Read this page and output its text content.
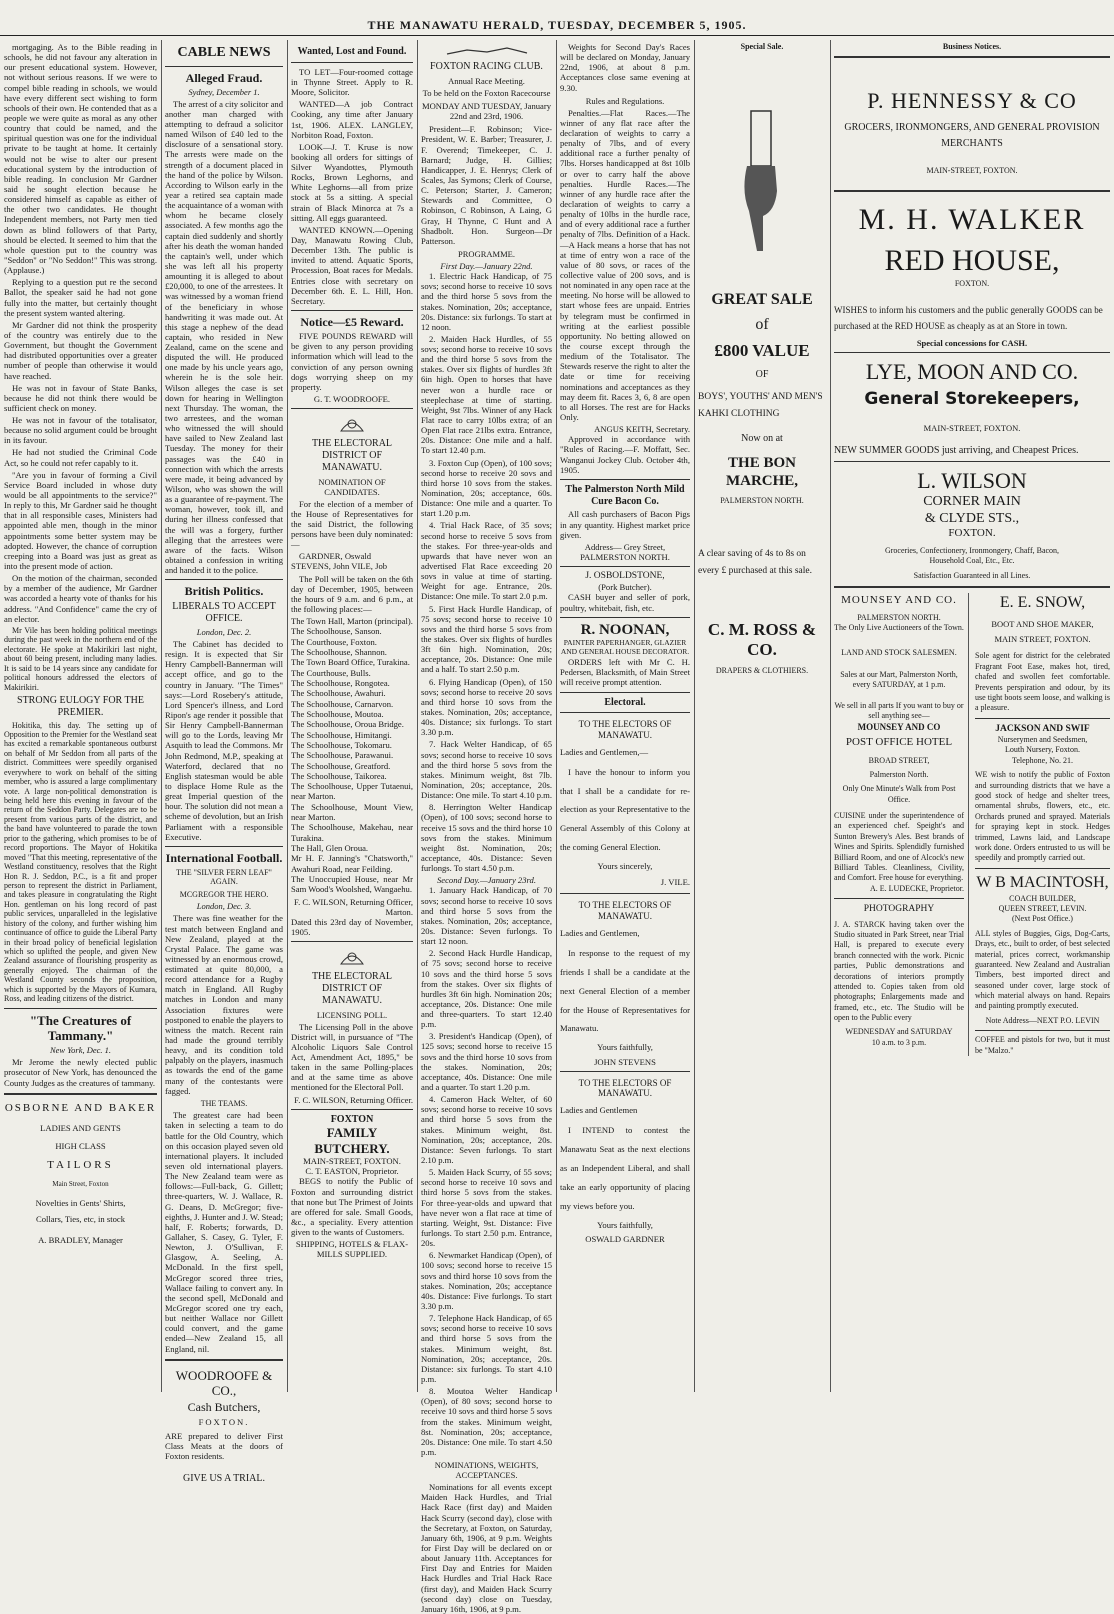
THE MANAWATU HERALD, TUESDAY, DECEMBER 5, 1905.

mortgaging. As to the Bible reading in schools, he did not favour any alteration in our present educational system. However, not without serious reasons. If we were to compel bible reading in schools, we would have every different sect wishing to form schools of their own. He contended that as a people we were quite as moral as any other country that could be named, and the spiritual question was one for the individual private to be taught at home. It certainly would not be wise to alter our present educational system by the introduction of bible reading. In conclusion Mr Gardner said he sought election because he considered himself as capable as either of the other two candidates. He thought Independent members, not Party men tied down as blind followers of that Party, should be elected. It seemed to him that the whole question put to the country was "Seddon" or "No Seddon!" This was strong. (Applause.)

Replying to a question put re the second Ballot, the speaker said he had not gone fully into the matter, but certainly thought the present system wanted altering.

Mr Gardner did not think the prosperity of the country was entirely due to the Government, but thought the Government had distributed opportunities over a greater number of people than otherwise it would have reached.

He was not in favour of State Banks, because he did not think there would be sufficient check on money.

He was not in favour of the totalisator, because no solid argument could be brought in its favour.

He had not studied the Criminal Code Act, so he could not refer capably to it.

"Are you in favour of forming a Civil Service Board included in whose duty would be all appointments to the service?" In reply to this, Mr Gardner said he thought that in all responsible cases, Ministers had appointed able men, though in the minor appointments some better system may be adopted. However, the chance of corruption creeping into a Board was just as great as into the present mode of action.

On the motion of the chairman, seconded by a member of the audience, Mr Gardner was accorded a hearty vote of thanks for his address. "And Confidence" came the cry of an elector.

Mr Vile has been holding political meetings during the past week in the northern end of the electorate. He spoke at Makirikiri last night, about 60 being present, including many ladies. It is said to be 14 years since any candidate for political honours addressed the electors of Makirikiri.

STRONG EULOGY FOR THE PREMIER.

Hokitika, this day. The setting up of Opposition to the Premier for the Westland seat has excited a remarkable spontaneous outburst on behalf of Mr Seddon from all parts of the district. Committees were speedily organised everywhere to work on behalf of the sitting member, who is assured a large complimentary vote. A large non-political demonstration is being held here this evening in favour of the return of the Seddon Party. Delegates are to be present from various parts of the district, and the band have volunteered to parade the town prior to the gathering, which promises to be of record proportions. The Mayor of Hokitika moved "That this meeting, representative of the Westland constituency, resolves that the Right Hon R. J. Seddon, P.C., is a fit and proper person to represent the district in Parliament, and takes pleasure in congratulating the Right Hon. gentleman on his long record of past public services, unparalleled in the legislative history of the colony, and further wishing him continuance of office to guide the Liberal Party in their broad policy of beneficial legislation which so uplifted the people, and given New Zealand assurance of flourishing prosperity as generally enjoyed. The chairman of the Westland County seconds the proposition, which is supported by the Mayors of Kumara, Ross, and leading citizens of the district.

"The Creatures of Tammany."
New York, Dec. 1.

Mr Jerome the newly elected public prosecutor of New York, has denounced the County Judges as the creatures of tammany.

OSBORNE AND BAKER
LADIES AND GENTS
HIGH CLASS
TAILORS
Main Street, Foxton
Novelties in Gents' Shirts,
Collars, Ties, etc, in stock
A. BRADLEY, Manager
CABLE NEWS
Alleged Fraud.
Sydney, December 1.

The arrest of a city solicitor and another man charged with attempting to defraud a solicitor named Wilson of £40 led to the disclosure of a sensational story. The arrests were made on the strength of a document placed in the hand of the police by Wilson. According to Wilson early in the year a retired sea captain made the acquaintance of a woman with whom he became closely associated. A few months ago the captain died suddenly and shortly after his death the woman handed the captain's well, under which she was left all his property amounting it is alleged to about £20,000, to one of the arrestees. It was witnessed by a woman friend of the beneficiary in whose handwriting it was made out. At this stage a nephew of the dead captain, who resided in New Zealand, came on the scene and disputed the will. He produced one made by his uncle years ago, wherein he is the sole heir. Wilson alleges the case is set down for hearing in Wellington next Thursday. The woman, the two arrestees, and the woman who witnessed the will should have sailed to New Zealand last Tuesday. The money for their passages was the £40 in connection with which the arrests were made, it being advanced by Wilson, who was shown the will as a guarantee of re-payment. The woman, however, took ill, and during her illness confessed that the will was a forgery, further alleging that the arrestees were aware of the facts. Wilson obtained a confession in writing and handed it to the police.

British Politics.
LIBERALS TO ACCEPT OFFICE.
London, Dec. 2.

The Cabinet has decided to resign. It is expected that Sir Henry Campbell-Bannerman will accept office, and go to the country in January. "The Times" says:—Lord Rosebery's attitude, Lord Spencer's illness, and Lord Ripon's age render it possible that Sir Henry Campbell-Bannerman will go to the Lords, leaving Mr Asquith to lead the Commons. Mr John Redmond, M.P., speaking at Waterford, declared that no English statesman would be able to displace Home Rule as the great Imperial question of the hour. The solution did not mean a scheme of devolution, but an Irish Parliament with a responsible Executive.

International Football.
THE "SILVER FERN LEAF" AGAIN.
MCGREGOR THE HERO.
London, Dec. 3.

There was fine weather for the test match between England and New Zealand, played at the Crystal Palace. The game was witnessed by an enormous crowd, estimated at quite 80,000, a record attendance for a Rugby match in England. All Rugby matches in London and many Association fixtures were postponed to enable the players to witness the match. Recent rain had made the ground terribly heavy, and its condition told palpably on the players, inasmuch as towards the end of the game many of the contestants were fagged.

THE TEAMS.

The greatest care had been taken in selecting a team to do battle for the Old Country, which on this occasion played seven old international players. It included seven old international players. The New Zealand team were as follows:—Full-back, G. Gillett; three-quarters, W. J. Wallace, R. G. Deans, D. McGregor; five-eighths, J. Hunter and J. W. Stead; half, F. Roberts; forwards, D. Gallaher, S. Casey, G. Tyler, F. Newton, J. O'Sullivan, F. Glasgow, A. Seeling, A. McDonald. In the first spell, McGregor scored three tries, Wallace failing to convert any. In the second spell, McDonald and McGregor scored one try each, but neither Wallace nor Gillett could convert, and the game ended—New Zealand 15, all England, nil.

WOODROOFE & CO.,
Cash Butchers,
FOXTON.
ARE prepared to deliver First Class Meats at the doors of Foxton residents.
GIVE US A TRIAL.
Wanted, Lost and Found.

TO LET—Four-roomed cottage in Thynne Street. Apply to R. Moore, Solicitor.

WANTED—A job Contract Cooking, any time after January 1st, 1906. ALEX. LANGLEY, Norbiton Road, Foxton.

LOOK—J. T. Kruse is now booking all orders for sittings of Silver Wyandottes, Plymouth Rocks, Brown Leghorns, and White Leghorns—all from prize stock at 5s a sitting. A special strain of Black Minorca at 7s a sitting. All eggs guaranteed.

WANTED KNOWN.—Opening Day, Manawatu Rowing Club, December 13th. The public is invited to attend. Aquatic Sports, Procession, Boat races for Medals. Entries close with secretary on December 6th. E. L. Hill, Hon. Secretary.

Notice—£5 Reward.

FIVE POUNDS REWARD will be given to any person providing information which will lead to the conviction of any person owning dogs worrying sheep on my property.

G. T. WOODROOFE.
THE ELECTORAL DISTRICT OF MANAWATU.
NOMINATION OF CANDIDATES.

For the election of a member of the House of Representatives for the said District, the following persons have been duly nominated:—

GARDNER, Oswald STEVENS, John VILE, Job

The Poll will be taken on the 6th day of December, 1905, between the hours of 9 a.m. and 6 p.m., at the following places:—

The Town Hall, Marton (principal).
The Schoolhouse, Sanson.
The Courthouse, Foxton.
The Schoolhouse, Shannon.
The Town Board Office, Turakina.
The Courthouse, Bulls.
The Schoolhouse, Rongotea.
The Schoolhouse, Awahuri.
The Schoolhouse, Carnarvon.
The Schoolhouse, Moutoa.
The Schoolhouse, Oroua Bridge.
The Schoolhouse, Himitangi.
The Schoolhouse, Tokomaru.
The Schoolhouse, Parawanui.
The Schoolhouse, Greatford.
The Schoolhouse, Taikorea.
The Schoolhouse, Upper Tutaenui, near Marton.
The Schoolhouse, Mount View, near Marton.
The Schoolhouse, Makehau, near Turakina.
The Hall, Glen Oroua.
Mr H. F. Janning's "Chatsworth," Awahuri Road, near Feilding.
The Unoccupied House, near Mr Sam Wood's Woolshed, Wangaehu.
F. C. WILSON, Returning Officer, Marton.
Dated this 23rd day of November, 1905.
THE ELECTORAL DISTRICT OF MANAWATU.
LICENSING POLL.

The Licensing Poll in the above District will, in pursuance of "The Alcoholic Liquors Sale Control Act, Amendment Act, 1895," be taken in the same Polling-places and at the same time as above mentioned for the Electoral Poll.

F. C. WILSON, Returning Officer.
FOXTON
FAMILY BUTCHERY.
MAIN-STREET, FOXTON.
C. T. EASTON, Proprietor.

BEGS to notify the Public of Foxton and surrounding district that none but The Primest of Joints are offered for sale. Small Goods, &c., a speciality. Every attention given to the wants of Customers.

SHIPPING, HOTELS & FLAX-MILLS SUPPLIED.
FOXTON RACING CLUB.
Annual Race Meeting.
To be held on the Foxton Racecourse
MONDAY AND TUESDAY, January 22nd and 23rd, 1906.

President—F. Robinson; Vice-President, W. E. Barber; Treasurer, J. F. Overend; Timekeeper, C. J. Barnard; Judge, H. Gillies; Handicapper, J. E. Henrys; Clerk of Scales, Jas Symons; Clerk of Course, C. Peterson; Starter, J. Cameron; Stewards and Committee, O Robinson, C Robinson, A Laing, G Gray, H Thynne, C Hunt and A Shadbolt. Hon. Surgeon—Dr Patterson.

PROGRAMME.
First Day.—January 22nd.

1. Electric Hack Handicap, of 75 sovs; second horse to receive 10 sovs and the third horse 5 sovs from the stakes. Nomination, 20s; acceptance, 20s. Distance: six furlongs. To start at 12 noon.

2. Maiden Hack Hurdles, of 55 sovs; second horse to receive 10 sovs and the third horse 5 sovs from the stakes. Over six flights of hurdles 3ft 6in high. Open to horses that have never won a hurdle race or steeplechase at time of starting. Weight, 9st 7lbs. Winner of any Hack Flat race to carry 10lbs extra; of an Open Flat race 21lbs extra. Entrance, 20s. Distance: One mile and a half. To start 12.40 p.m.

3. Foxton Cup (Open), of 100 sovs; second horse to receive 20 sovs and third horse 10 sovs from the stakes. Nomination, 20s; acceptance, 60s. Distance: One mile and a quarter. To start 1.20 p.m.

4. Trial Hack Race, of 35 sovs; second horse to receive 5 sovs from the stakes. For three-year-olds and upwards that have never won an advertised Flat Race exceeding 20 sovs in value at time of starting. Weight for age. Entrance, 20s. Distance: One mile. To start 2.0 p.m.

5. First Hack Hurdle Handicap, of 75 sovs; second horse to receive 10 sovs and the third horse 5 sovs from the stakes. Over six flights of hurdles 3ft 6in high. Nomination, 20s; acceptance, 20s. Distance: One mile and a half. To start 2.50 p.m.

6. Flying Handicap (Open), of 150 sovs; second horse to receive 20 sovs and third horse 10 sovs from the stakes. Nomination, 20s; acceptance, 40s. Distance; six furlongs. To start 3.30 p.m.

7. Hack Welter Handicap, of 65 sovs; second horse to receive 10 sovs and the third horse 5 sovs from the stakes. Minimum weight, 8st 7lb. Nomination, 20s; acceptance, 20s. Distance: One mile. To start 4.10 p.m.

8. Herrington Welter Handicap (Open), of 100 sovs; second horse to receive 15 sovs and the third horse 10 sovs from the stakes. Minimum weight 8st. Nomination, 20s; acceptance, 40s. Distance: Seven furlongs. To start 4.50 p.m.

Second Day.—January 23rd.

1. January Hack Handicap, of 70 sovs; second horse to receive 10 sovs and third horse 5 sovs from the stakes. Nomination, 20s; acceptance, 20s. Distance: Seven furlongs. To start 12 noon.

2. Second Hack Hurdle Handicap, of 75 sovs; second horse to receive 10 sovs and the third horse 5 sovs from the stakes. Over six flights of hurdles 3ft 6in high. Nomination 20s; acceptance, 20s. Distance: One mile and three-quarters. To start 12.40 p.m.

3. President's Handicap (Open), of 125 sovs; second horse to receive 15 sovs and the third horse 10 sovs from the stakes. Nomination, 20s; acceptance, 40s. Distance: One mile and a quarter. To start 1.20 p.m.

4. Cameron Hack Welter, of 60 sovs; second horse to receive 10 sovs and third horse 5 sovs from the stakes. Minimum weight, 8st. Nomination, 20s; acceptance, 20s. Distance: Seven furlongs. To start 2.10 p.m.

5. Maiden Hack Scurry, of 55 sovs; second horse to receive 10 sovs and third horse 5 sovs from the stakes. For three-year-olds and upward that have never won a flat race at time of starting. Weight, 9st. Distance: Five furlongs. To start 2.50 p.m. Entrance, 20s.

6. Newmarket Handicap (Open), of 100 sovs; second horse to receive 15 sovs and third horse 10 sovs from the stakes. Nomination, 20s; acceptance 40s. Distance: Five furlongs. To start 3.30 p.m.

7. Telephone Hack Handicap, of 65 sovs; second horse to receive 10 sovs and third horse 5 sovs from the stakes. Minimum weight, 8st. Nomination, 20s; acceptance, 20s. Distance: six furlongs. To start 4.10 p.m.

8. Moutoa Welter Handicap (Open), of 80 sovs; second horse to receive 10 sovs and third horse 5 sovs from the stakes. Minimum weight, 8st. Nomination, 20s; acceptance, 20s. Distance: One mile. To start 4.50 p.m.

NOMINATIONS, WEIGHTS, ACCEPTANCES.

Nominations for all events except Maiden Hack Hurdles, and Trial Hack Race (first day) and Maiden Hack Scurry (second day), close with the Secretary, at Foxton, on Saturday, January 6th, 1906, at 9 p.m. Weights for First Day will be declared on or about January 11th. Acceptances for First Day and Entries for Maiden Hack Hurdles and Trial Hack Race (first day), and Maiden Hack Scurry (second day) close on Tuesday, January 16th, 1906, at 9 p.m.

Weights for Second Day's Races will be declared on Monday, January 22nd, 1906, at about 8 p.m. Acceptances close same evening at 9.30.

Rules and Regulations.

Penalties.—Flat Races.—The winner of any flat race after the declaration of weights to carry a penalty of 7lbs, and of every additional race a further penalty of 7lbs. Horses handicapped at 8st 10lb or over to carry half the above penalties. Hurdle Races.—The winner of any hurdle race after the declaration of weights to carry a penalty of 10lbs in the hurdle race, and of every additional race a further penalty of 7lbs. Definition of a Hack.—A Hack means a horse that has not at time of entry won a race of the value of 80 sovs, or races of the collective value of 200 sovs, and is not nominated in any open race at the meeting. No horse will be allowed to start whose fees are unpaid. Entries by telegram must be confirmed in writing at the earliest possible opportunity. No betting allowed on the course except through the medium of the Totalisator. The Stewards reserve the right to alter the date or time for receiving nominations and acceptances as they may deem fit. Races 3, 6, 8 are open to all Horses. The rest are for Hacks Only.

ANGUS KEITH, Secretary.

Approved in accordance with "Rules of Racing.—F. Moffatt, Sec. Wanganui Jockey Club. October 4th, 1905.

The Palmerston North Mild Cure Bacon Co.

All cash purchasers of Bacon Pigs in any quantity. Highest market price given.

Address— Grey Street, PALMERSTON NORTH.
J. OSBOLDSTONE,
(Pork Butcher).

CASH buyer and seller of pork, poultry, whitebait, fish, etc.

R. NOONAN,
PAINTER PAPERHANGER, GLAZIER AND GENERAL HOUSE DECORATOR.

ORDERS left with Mr C. H. Pedersen, Blacksmith, of Main Street will receive prompt attention.

Electoral.
TO THE ELECTORS OF MANAWATU.
Ladies and Gentlemen,—

I have the honour to inform you that I shall be a candidate for re-election as your Representative to the General Assembly of this Colony at the coming General Election.

Yours sincerely,
J. VILE.
TO THE ELECTORS OF MANAWATU.
Ladies and Gentlemen,

In response to the request of my friends I shall be a candidate at the next General Election of a member for the House of Representatives for Manawatu.

Yours faithfully,
JOHN STEVENS
TO THE ELECTORS OF MANAWATU.
Ladies and Gentlemen

I INTEND to contest the Manawatu Seat as the next elections as an Independent Liberal, and shall take an early opportunity of placing my views before you.

Yours faithfully,
OSWALD GARDNER
Special Sale.
GREAT SALE
of
£800 VALUE
OF
BOYS', YOUTHS' AND MEN'S KAHKI CLOTHING
Now on at
THE BON MARCHE,
PALMERSTON NORTH.
A clear saving of 4s to 8s on every £ purchased at this sale.
C. M. ROSS & CO.
DRAPERS & CLOTHIERS.
Business Notices.
P. HENNESSY & CO
GROCERS, IRONMONGERS, AND GENERAL PROVISION MERCHANTS
MAIN-STREET, FOXTON.
M. H. WALKER
RED HOUSE,
FOXTON.
WISHES to inform his customers and the public generally GOODS can be purchased at the RED HOUSE as cheaply as at an Store in town.
Special concessions for CASH.
LYE, MOON AND CO.
General Storekeepers,
MAIN-STREET, FOXTON.
NEW SUMMER GOODS just arriving, and Cheapest Prices.
L. WILSON
CORNER MAIN
& CLYDE STS.,
FOXTON.
Groceries, Confectionery, Ironmongery, Chaff, Bacon, Household Coal, Etc., Etc.
Satisfaction Guaranteed in all Lines.
MOUNSEY AND CO.
PALMERSTON NORTH.
The Only Live Auctioneers of the Town.
LAND AND STOCK SALESMEN.
Sales at our Mart, Palmerston North, every SATURDAY, at 1 p.m.
We sell in all parts If you want to buy or sell anything see—
MOUNSEY AND CO
POST OFFICE HOTEL
BROAD STREET,
Palmerston North.
Only One Minute's Walk from Post Office.
CUISINE under the superintendence of an experienced chef. Speight's and Sunton Brewery's Ales. Best brands of Wines and Spirits. Splendidly furnished Billiard Room, and one of Alcock's new Billiard Tables. Cleanliness, Civility, and Comfort. Free house for everything.
A. E. LUDECKE, Proprietor.
PHOTOGRAPHY
J. A. STARCK having taken over the Studio situated in Park Street, near Trial Hall, is prepared to execute every branch connected with the work. Picnic parties, Public demonstrations and decorations of interiors promptly attended to. Copies taken from old photographs; Enlargements made and framed, etc., etc. The Studio will be open to the Public every
WEDNESDAY and SATURDAY
10 a.m. to 3 p.m.
E. E. SNOW,
BOOT AND SHOE MAKER,
MAIN STREET, FOXTON.
Sole agent for district for the celebrated Fragrant Foot Ease, makes hot, tired, chafed and swollen feet comfortable. Prevents perspiration and odour, by its use tight boots seem loose, and walking is a pleasure.
JACKSON AND SWIF
Nurserymen and Seedsmen,
Louth Nursery, Foxton.
Telephone, No. 21.
WE wish to notify the public of Foxton and surrounding districts that we have a good stock of hedge and shelter trees, ornamental shrubs, flowers, etc., etc. Orchards pruned and sprayed. Materials for spraying kept in stock. Hedges trimmed, Lawns laid, and Landscape work done. Orders entrusted to us will be speedily and promptly carried out.
W B MACINTOSH,
COACH BUILDER,
QUEEN STREET, LEVIN.
(Next Post Office.)
ALL styles of Buggies, Gigs, Dog-Carts, Drays, etc., built to order, of best selected material, prices correct, workmanship guaranteed. New Zealand and Australian Timbers, best imported direct and seasoned under cover, large stock of which material always on hand. Repairs and painting promptly executed.
Note Address—NEXT P.O. LEVIN
COFFEE and pistols for two, but it must be "Malzo."
